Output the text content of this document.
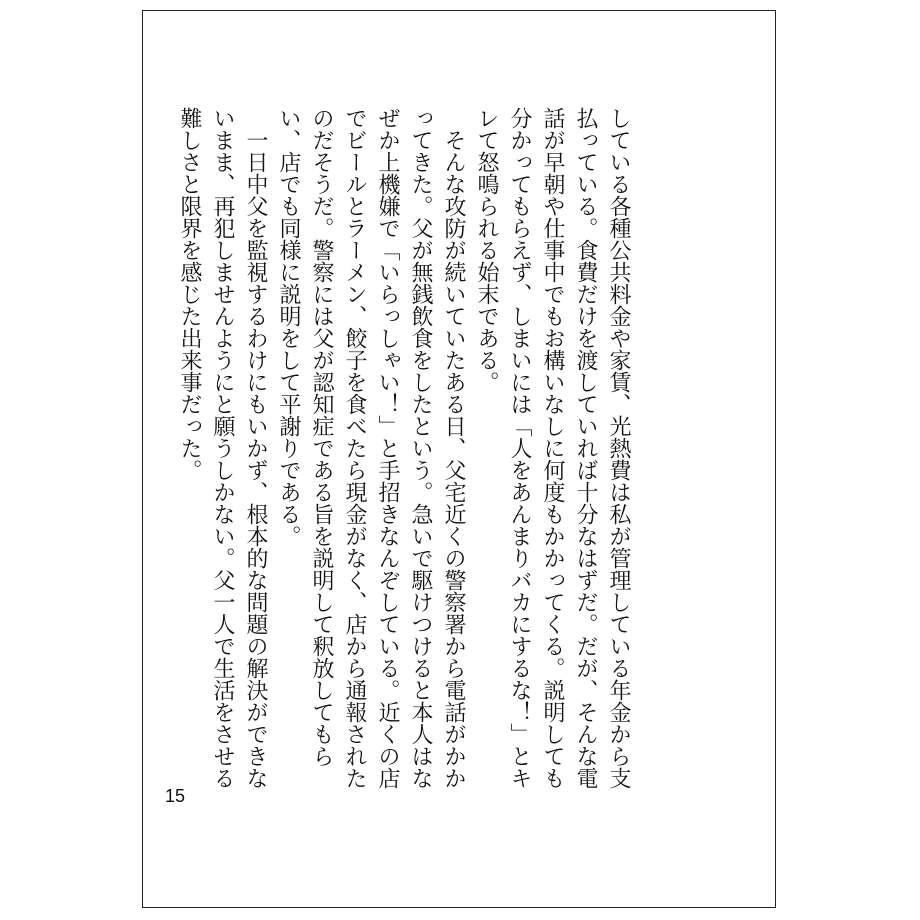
している各種公共料金や家賃、光熱費は私が管理している年金から支払っている。食費だけを渡していれば十分なはずだ。だが、そんな電話が早朝や仕事中でもお構いなしに何度もかかってくる。説明しても分かってもらえず、しまいには「人をあんまりバカにするな！」とキレて怒鳴られる始末である。

　そんな攻防が続いていたある日、父宅近くの警察署から電話がかかってきた。父が無銭飲食をしたという。急いで駆けつけると本人はなぜか上機嫌で「いらっしゃい！」と手招きなんぞしている。近くの店でビールとラーメン、餃子を食べたら現金がなく、店から通報されたのだそうだ。警察には父が認知症である旨を説明して釈放してもらい、店でも同様に説明をして平謝りである。

　一日中父を監視するわけにもいかず、根本的な問題の解決ができないまま、再犯しませんようにと願うしかない。父一人で生活をさせる難しさと限界を感じた出来事だった。

15
